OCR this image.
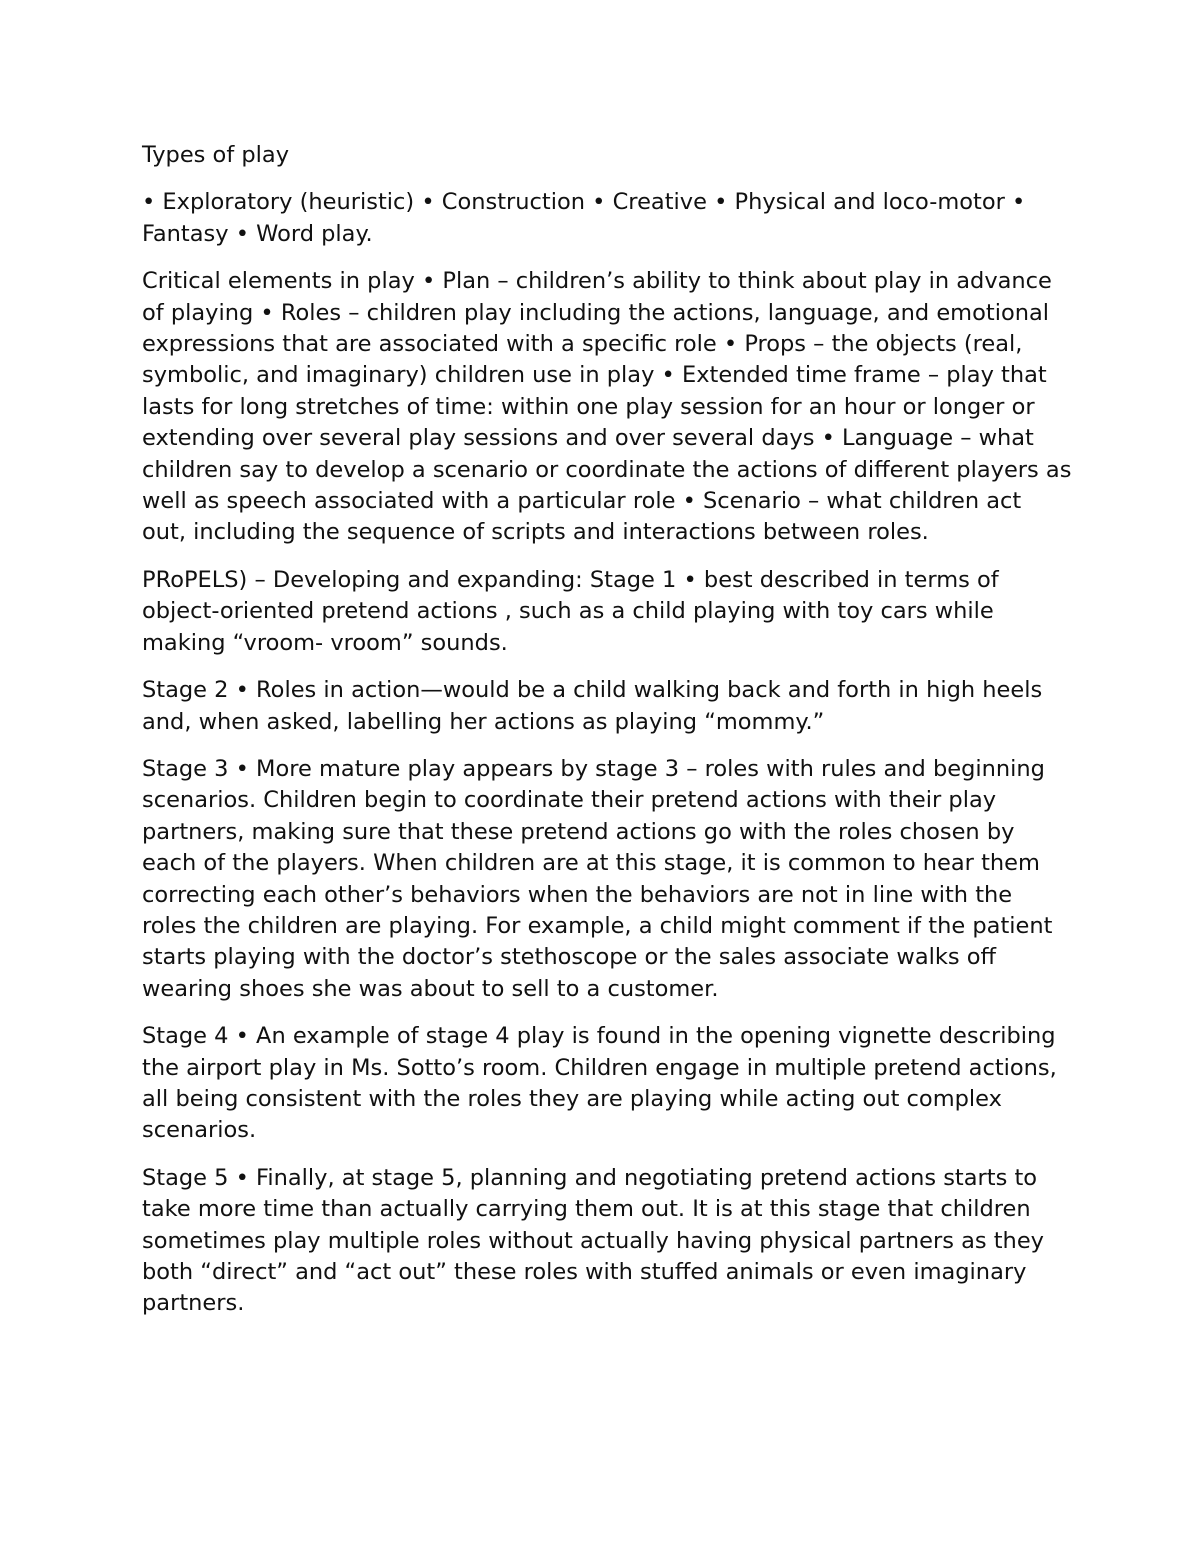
Types of play

• Exploratory (heuristic) • Construction • Creative • Physical and loco-motor • Fantasy • Word play.

Critical elements in play • Plan – children’s ability to think about play in advance of playing • Roles – children play including the actions, language, and emotional expressions that are associated with a specific role • Props – the objects (real, symbolic, and imaginary) children use in play • Extended time frame – play that lasts for long stretches of time: within one play session for an hour or longer or extending over several play sessions and over several days • Language – what children say to develop a scenario or coordinate the actions of different players as well as speech associated with a particular role • Scenario – what children act out, including the sequence of scripts and interactions between roles.

PRoPELS) – Developing and expanding: Stage 1 • best described in terms of object-oriented pretend actions , such as a child playing with toy cars while making “vroom- vroom” sounds.

Stage 2 • Roles in action—would be a child walking back and forth in high heels and, when asked, labelling her actions as playing “mommy.”

Stage 3 • More mature play appears by stage 3 – roles with rules and beginning scenarios. Children begin to coordinate their pretend actions with their play partners, making sure that these pretend actions go with the roles chosen by each of the players. When children are at this stage, it is common to hear them correcting each other’s behaviors when the behaviors are not in line with the roles the children are playing. For example, a child might comment if the patient starts playing with the doctor’s stethoscope or the sales associate walks off wearing shoes she was about to sell to a customer.

Stage 4 • An example of stage 4 play is found in the opening vignette describing the airport play in Ms. Sotto’s room. Children engage in multiple pretend actions, all being consistent with the roles they are playing while acting out complex scenarios.

Stage 5 • Finally, at stage 5, planning and negotiating pretend actions starts to take more time than actually carrying them out. It is at this stage that children sometimes play multiple roles without actually having physical partners as they both “direct” and “act out” these roles with stuffed animals or even imaginary partners.
